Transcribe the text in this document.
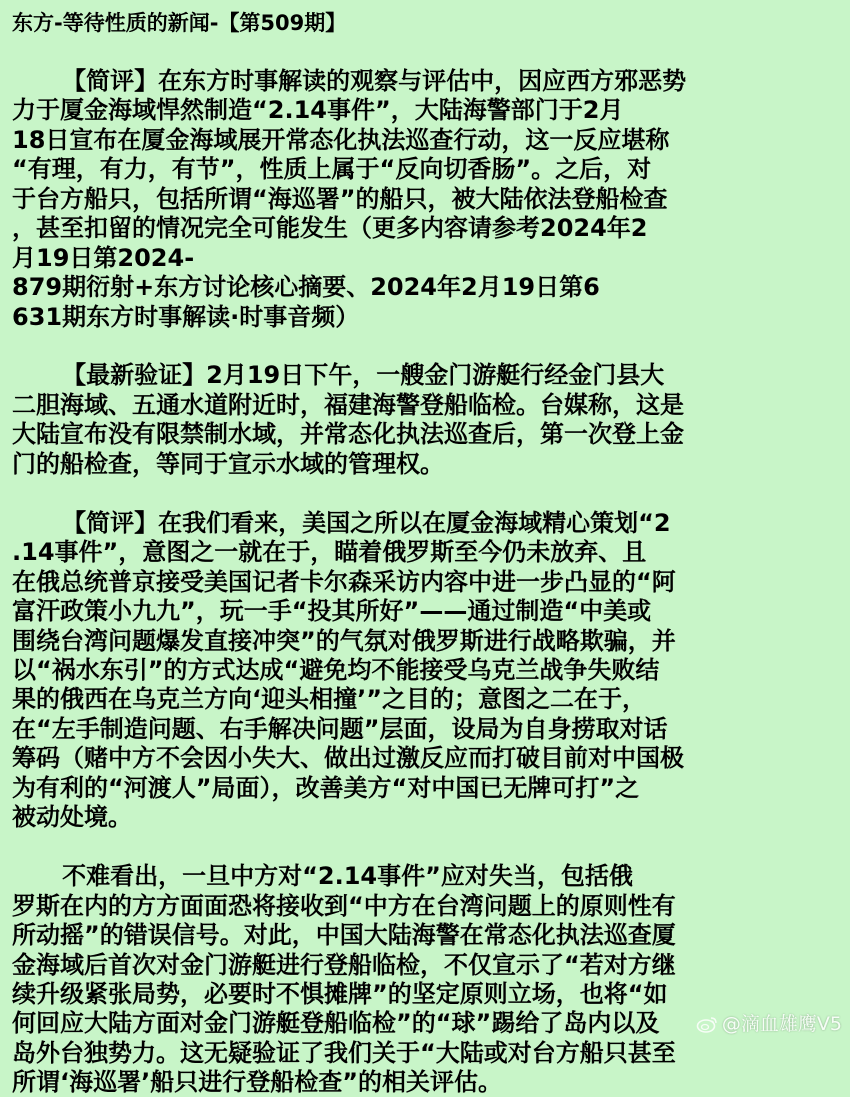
东方-等待性质的新闻-【第509期】
【简评】在东方时事解读的观察与评估中，因应西方邪恶势
力于厦金海域悍然制造“2.14事件”，大陆海警部门于2月
18日宣布在厦金海域展开常态化执法巡查行动，这一反应堪称
“有理，有力，有节”，性质上属于“反向切香肠”。之后，对
于台方船只，包括所谓“海巡署”的船只，被大陆依法登船检查
，甚至扣留的情况完全可能发生（更多内容请参考2024年2
月19日第2024-
879期衍射+东方讨论核心摘要、2024年2月19日第6
631期东方时事解读·时事音频）
【最新验证】2月19日下午，一艘金门游艇行经金门县大
二胆海域、五通水道附近时，福建海警登船临检。台媒称，这是
大陆宣布没有限禁制水域，并常态化执法巡查后，第一次登上金
门的船检查，等同于宣示水域的管理权。
【简评】在我们看来，美国之所以在厦金海域精心策划“2
.14事件”，意图之一就在于，瞄着俄罗斯至今仍未放弃、且
在俄总统普京接受美国记者卡尔森采访内容中进一步凸显的“阿
富汗政策小九九”，玩一手“投其所好”——通过制造“中美或
围绕台湾问题爆发直接冲突”的气氛对俄罗斯进行战略欺骗，并
以“祸水东引”的方式达成“避免均不能接受乌克兰战争失败结
果的俄西在乌克兰方向‘迎头相撞’”之目的；意图之二在于，
在“左手制造问题、右手解决问题”层面，设局为自身捞取对话
筹码（赌中方不会因小失大、做出过激反应而打破目前对中国极
为有利的“河渡人”局面），改善美方“对中国已无牌可打”之
被动处境。
不难看出，一旦中方对“2.14事件”应对失当，包括俄
罗斯在内的方方面面恐将接收到“中方在台湾问题上的原则性有
所动摇”的错误信号。对此，中国大陆海警在常态化执法巡查厦
金海域后首次对金门游艇进行登船临检，不仅宣示了“若对方继
续升级紧张局势，必要时不惧摊牌”的坚定原则立场，也将“如
何回应大陆方面对金门游艇登船临检”的“球”踢给了岛内以及
岛外台独势力。这无疑验证了我们关于“大陆或对台方船只甚至
所谓‘海巡署’船只进行登船检查”的相关评估。
@滴血雄鹰V5
